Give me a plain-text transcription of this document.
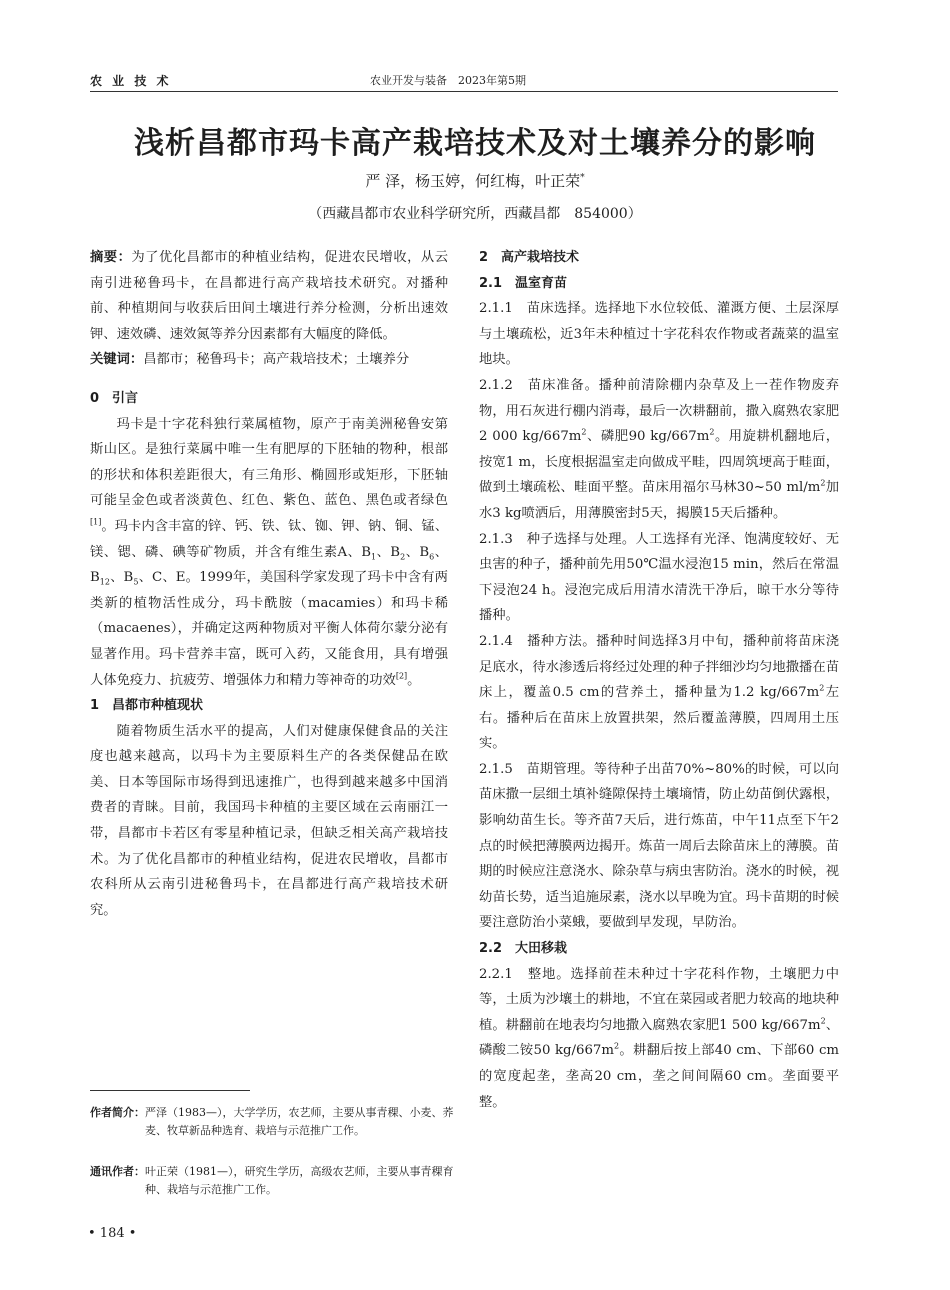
农 业 技 术	农业开发与装备　2023年第5期
浅析昌都市玛卡高产栽培技术及对土壤养分的影响
严 泽，杨玉婷，何红梅，叶正荣*
（西藏昌都市农业科学研究所，西藏昌都　854000）

摘要：为了优化昌都市的种植业结构，促进农民增收，从云南引进秘鲁玛卡，在昌都进行高产栽培技术研究。对播种前、种植期间与收获后田间土壤进行养分检测，分析出速效钾、速效磷、速效氮等养分因素都有大幅度的降低。

关键词：昌都市；秘鲁玛卡；高产栽培技术；土壤养分

0　引言

玛卡是十字花科独行菜属植物，原产于南美洲秘鲁安第斯山区。是独行菜属中唯一生有肥厚的下胚轴的物种，根部的形状和体积差距很大，有三角形、椭圆形或矩形，下胚轴可能呈金色或者淡黄色、红色、紫色、蓝色、黑色或者绿色[1]。玛卡内含丰富的锌、钙、铁、钛、铷、钾、钠、铜、锰、镁、锶、磷、碘等矿物质，并含有维生素A、$B_1$、$B_2$、$B_6$、$B_{12}$、$B_5$、C、E。1999年，美国科学家发现了玛卡中含有两类新的植物活性成分，玛卡酰胺（macamies）和玛卡稀（macaenes），并确定这两种物质对平衡人体荷尔蒙分泌有显著作用。玛卡营养丰富，既可入药，又能食用，具有增强人体免疫力、抗疲劳、增强体力和精力等神奇的功效[2]。

1　昌都市种植现状

随着物质生活水平的提高，人们对健康保健食品的关注度也越来越高，以玛卡为主要原料生产的各类保健品在欧美、日本等国际市场得到迅速推广，也得到越来越多中国消费者的青睐。目前，我国玛卡种植的主要区域在云南丽江一带，昌都市卡若区有零星种植记录，但缺乏相关高产栽培技术。为了优化昌都市的种植业结构，促进农民增收，昌都市农科所从云南引进秘鲁玛卡，在昌都进行高产栽培技术研究。

作者简介： 严泽（1983—），大学学历，农艺师，主要从事青稞、小麦、荞麦、牧草新品种选育、栽培与示范推广工作。
通讯作者： 叶正荣（1981—），研究生学历，高级农艺师，主要从事青稞育种、栽培与示范推广工作。
• 184 •

2　高产栽培技术

2.1　温室育苗

2.1.1　苗床选择。选择地下水位较低、灌溉方便、土层深厚与土壤疏松，近3年未种植过十字花科农作物或者蔬菜的温室地块。

2.1.2　苗床准备。播种前清除棚内杂草及上一茬作物废弃物，用石灰进行棚内消毒，最后一次耕翻前，撒入腐熟农家肥2 000 $kg/667m^2$、磷肥90 $kg/667m^2$。用旋耕机翻地后，按宽1 m，长度根据温室走向做成平畦，四周筑埂高于畦面，做到土壤疏松、畦面平整。苗床用福尔马林30~50 $ml/m^2$加水3 kg喷洒后，用薄膜密封5天，揭膜15天后播种。

2.1.3　种子选择与处理。人工选择有光泽、饱满度较好、无虫害的种子，播种前先用50℃温水浸泡15 min，然后在常温下浸泡24 h。浸泡完成后用清水清洗干净后，晾干水分等待播种。

2.1.4　播种方法。播种时间选择3月中旬，播种前将苗床浇足底水，待水渗透后将经过处理的种子拌细沙均匀地撒播在苗床上，覆盖0.5 cm的营养土，播种量为1.2 $kg/667m^2$左右。播种后在苗床上放置拱架，然后覆盖薄膜，四周用土压实。

2.1.5　苗期管理。等待种子出苗70%~80%的时候，可以向苗床撒一层细土填补缝隙保持土壤墒情，防止幼苗倒伏露根，影响幼苗生长。等齐苗7天后，进行炼苗，中午11点至下午2点的时候把薄膜两边揭开。炼苗一周后去除苗床上的薄膜。苗期的时候应注意浇水、除杂草与病虫害防治。浇水的时候，视幼苗长势，适当追施尿素，浇水以早晚为宜。玛卡苗期的时候要注意防治小菜蛾，要做到早发现，早防治。

2.2　大田移栽

2.2.1　整地。选择前茬未种过十字花科作物，土壤肥力中等，土质为沙壤土的耕地，不宜在菜园或者肥力较高的地块种植。耕翻前在地表均匀地撒入腐熟农家肥1 500 $kg/667m^2$、磷酸二铵50 $kg/667m^2$。耕翻后按上部40 cm、下部60 cm的宽度起垄，垄高20 cm，垄之间间隔60 cm。垄面要平整。
